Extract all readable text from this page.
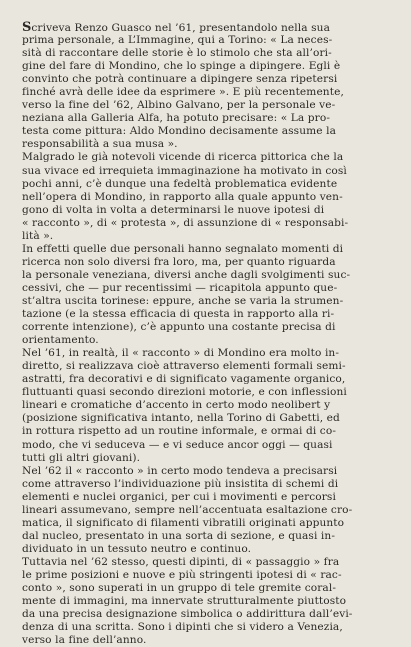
Scriveva Renzo Guasco nel ’61, presentandolo nella sua
prima personale, a L’Immagine, qui a Torino: « La neces-
sità di raccontare delle storie è lo stimolo che sta all’ori-
gine del fare di Mondino, che lo spinge a dipingere. Egli è
convinto che potrà continuare a dipingere senza ripetersi
finché avrà delle idee da esprimere ». E più recentemente,
verso la fine del ’62, Albino Galvano, per la personale ve-
neziana alla Galleria Alfa, ha potuto precisare: « La pro-
testa come pittura: Aldo Mondino decisamente assume la
responsabilità a sua musa ».
Malgrado le già notevoli vicende di ricerca pittorica che la
sua vivace ed irrequieta immaginazione ha motivato in così
pochi anni, c’è dunque una fedeltà problematica evidente
nell’opera di Mondino, in rapporto alla quale appunto ven-
gono di volta in volta a determinarsi le nuove ipotesi di
« racconto », di « protesta », di assunzione di « responsabi-
lità ».
In effetti quelle due personali hanno segnalato momenti di
ricerca non solo diversi fra loro, ma, per quanto riguarda
la personale veneziana, diversi anche dagli svolgimenti suc-
cessivi, che — pur recentissimi — ricapitola appunto que-
st’altra uscita torinese: eppure, anche se varia la strumen-
tazione (e la stessa efficacia di questa in rapporto alla ri-
corrente intenzione), c’è appunto una costante precisa di
orientamento.
Nel ’61, in realtà, il « racconto » di Mondino era molto in-
diretto, si realizzava cioè attraverso elementi formali semi-
astratti, fra decorativi e di significato vagamente organico,
fluttuanti quasi secondo direzioni motorie, e con inflessioni
lineari e cromatiche d’accento in certo modo neolibert y
(posizione significativa intanto, nella Torino di Gabetti, ed
in rottura rispetto ad un routine informale, e ormai di co-
modo, che vi seduceva — e vi seduce ancor oggi — quasi
tutti gli altri giovani).
Nel ’62 il « racconto » in certo modo tendeva a precisarsi
come attraverso l’individuazione più insistita di schemi di
elementi e nuclei organici, per cui i movimenti e percorsi
lineari assumevano, sempre nell’accentuata esaltazione cro-
matica, il significato di filamenti vibratili originati appunto
dal nucleo, presentato in una sorta di sezione, e quasi in-
dividuato in un tessuto neutro e continuo.
Tuttavia nel ’62 stesso, questi dipinti, di « passaggio » fra
le prime posizioni e nuove e più stringenti ipotesi di « rac-
conto », sono superati in un gruppo di tele gremite coral-
mente di immagini, ma innervate strutturalmente piuttosto
da una precisa designazione simbolica o addirittura dall’evi-
denza di una scritta. Sono i dipinti che si videro a Venezia,
verso la fine dell’anno.
